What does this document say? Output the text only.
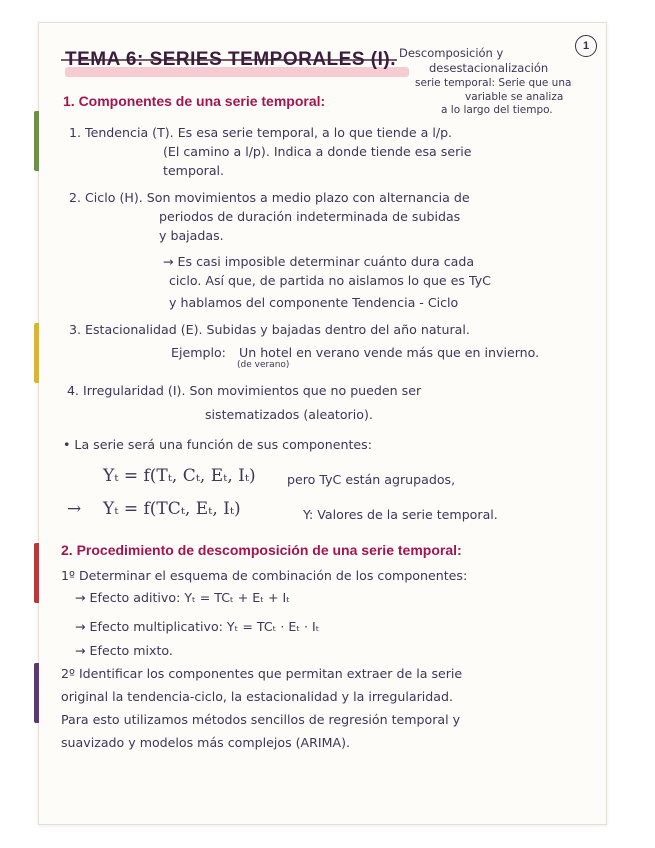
TEMA 6: SERIES TEMPORALES (I). Descomposición y
desestacionalización
1
serie temporal: Serie que una
variable se analiza
a lo largo del tiempo.
1. Componentes de una serie temporal:
1. Tendencia (T). Es esa serie temporal, a lo que tiende a l/p.
(El camino a l/p). Indica a donde tiende esa serie
temporal.
2. Ciclo (H). Son movimientos a medio plazo con alternancia de
periodos de duración indeterminada de subidas
y bajadas.
→ Es casi imposible determinar cuánto dura cada
ciclo. Así que, de partida no aislamos lo que es TyC
y hablamos del componente Tendencia - Ciclo
3. Estacionalidad (E). Subidas y bajadas dentro del año natural.
Ejemplo: Un hotel en verano vende más que en invierno.
(de verano)
4. Irregularidad (I). Son movimientos que no pueden ser
sistematizados (aleatorio).
• La serie será una función de sus componentes:
Yₜ = f(Tₜ, Cₜ, Eₜ, Iₜ) pero TyC están agrupados,
→ Yₜ = f(TCₜ, Eₜ, Iₜ)	Y: Valores de la serie temporal.
2. Procedimiento de descomposición de una serie temporal:
1º Determinar el esquema de combinación de los componentes:
→ Efecto aditivo: Yₜ = TCₜ + Eₜ + Iₜ
→ Efecto multiplicativo: Yₜ = TCₜ · Eₜ · Iₜ
→ Efecto mixto.
2º Identificar los componentes que permitan extraer de la serie
original la tendencia-ciclo, la estacionalidad y la irregularidad.
Para esto utilizamos métodos sencillos de regresión temporal y
suavizado y modelos más complejos (ARIMA).
